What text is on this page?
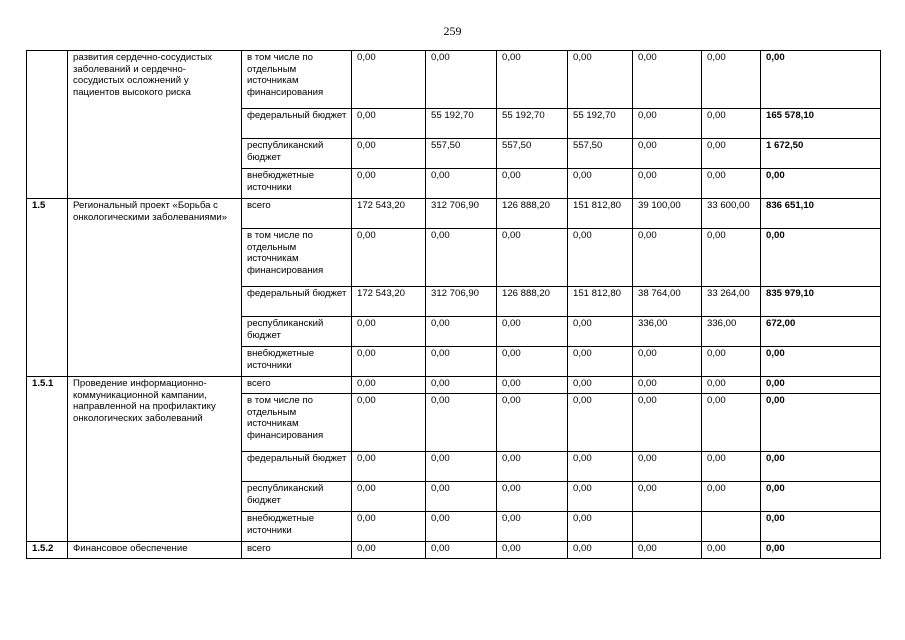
259
	развития сердечно-сосудистых заболеваний и сердечно-сосудистых осложнений у пациентов высокого риска	в том числе по отдельным источникам финансирования	0,00	0,00	0,00	0,00	0,00	0,00	0,00
		федеральный бюджет	0,00	55 192,70	55 192,70	55 192,70	0,00	0,00	165 578,10
		республиканский бюджет	0,00	557,50	557,50	557,50	0,00	0,00	1 672,50
		внебюджетные источники	0,00	0,00	0,00	0,00	0,00	0,00	0,00
1.5	Региональный проект «Борьба с онкологическими заболеваниями»	всего	172 543,20	312 706,90	126 888,20	151 812,80	39 100,00	33 600,00	836 651,10
		в том числе по отдельным источникам финансирования	0,00	0,00	0,00	0,00	0,00	0,00	0,00
		федеральный бюджет	172 543,20	312 706,90	126 888,20	151 812,80	38 764,00	33 264,00	835 979,10
		республиканский бюджет	0,00	0,00	0,00	0,00	336,00	336,00	672,00
		внебюджетные источники	0,00	0,00	0,00	0,00	0,00	0,00	0,00
1.5.1	Проведение информационно-коммуникационной кампании, направленной на профилактику онкологических заболеваний	всего	0,00	0,00	0,00	0,00	0,00	0,00	0,00
		в том числе по отдельным источникам финансирования	0,00	0,00	0,00	0,00	0,00	0,00	0,00
		федеральный бюджет	0,00	0,00	0,00	0,00	0,00	0,00	0,00
		республиканский бюджет	0,00	0,00	0,00	0,00	0,00	0,00	0,00
		внебюджетные источники	0,00	0,00	0,00	0,00			0,00
1.5.2	Финансовое обеспечение	всего	0,00	0,00	0,00	0,00	0,00	0,00	0,00
